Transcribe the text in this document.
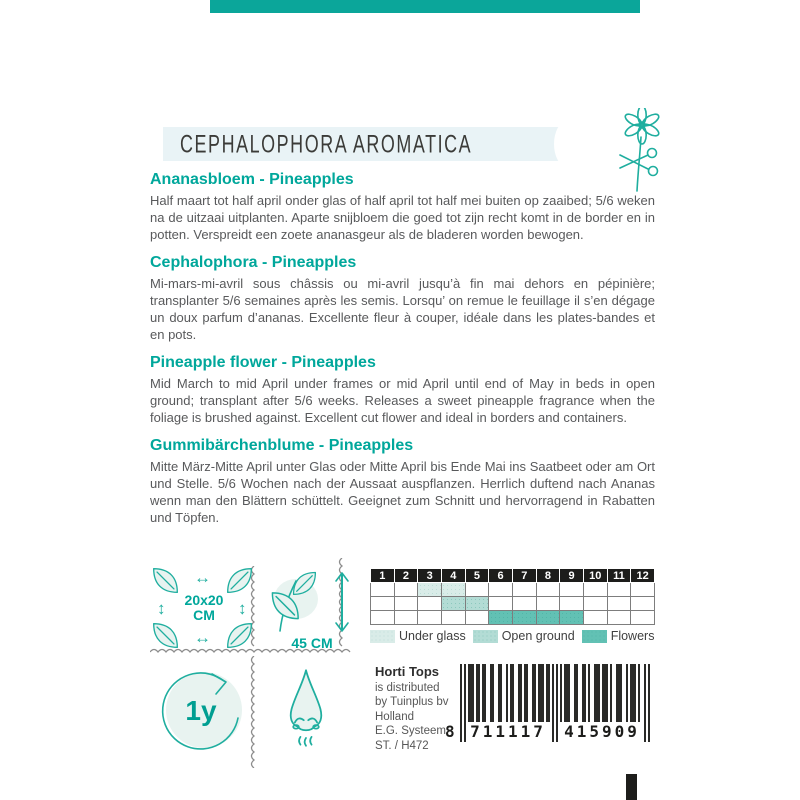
CEPHALOPHORA AROMATICA
Ananasbloem - Pineapples

Half maart tot half april onder glas of half april tot half mei buiten op zaaibed; 5/6 weken na de uitzaai uitplanten. Aparte snijbloem die goed tot zijn recht komt in de border en in potten. Verspreidt een zoete ananasgeur als de bladeren worden bewogen.

Cephalophora - Pineapples

Mi-mars-mi-avril sous châssis ou mi-avril jusqu’à fin mai dehors en pépinière; transplanter 5/6 semaines après les semis. Lorsqu’ on remue le feuillage il s’en dégage un doux parfum d’ananas. Excellente fleur à couper, idéale dans les plates-bandes et en pots.

Pineapple flower - Pineapples

Mid March to mid April under frames or mid April until end of May in beds in open ground; transplant after 5/6 weeks. Releases a sweet pineapple fragrance when the foliage is brushed against. Excellent cut flower and ideal in borders and containers.

Gummibärchenblume - Pineapples

Mitte März-Mitte April unter Glas oder Mitte April bis Ende Mai ins Saatbeet oder am Ort und Stelle. 5/6 Wochen nach der Aussaat auspflanzen. Herrlich duftend nach Ananas wenn man den Blättern schüttelt. Geeignet zum Schnitt und hervorragend in Rabatten und Töpfen.

↔
↔
↕	↕
20x20
CM
45 CM
1y
1	2	3	4	5	6	7	8	9	10	11	12

Under glass	Open ground	Flowers
Horti Tops
is distributed
by Tuinplus bv
Holland
E.G. Systeem
ST. / H472
8 711117 415909
